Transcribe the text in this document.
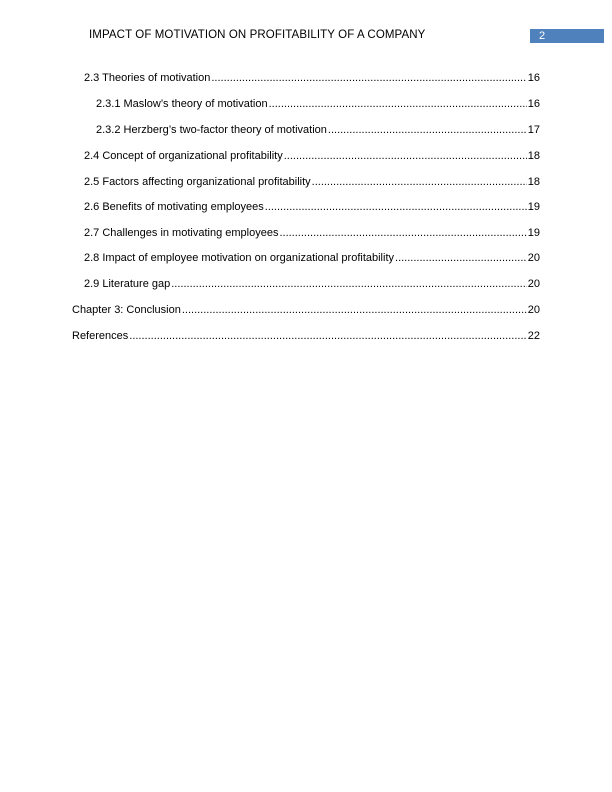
IMPACT OF MOTIVATION ON PROFITABILITY OF A COMPANY	2
2.3 Theories of motivation .....	16
2.3.1 Maslow’s theory of motivation .....	16
2.3.2 Herzberg’s two-factor theory of motivation .....	17
2.4 Concept of organizational profitability .....	18
2.5 Factors affecting organizational profitability .....	18
2.6 Benefits of motivating employees .....	19
2.7 Challenges in motivating employees .....	19
2.8 Impact of employee motivation on organizational profitability .....	20
2.9 Literature gap .....	20
Chapter 3: Conclusion .....	20
References .....	22
